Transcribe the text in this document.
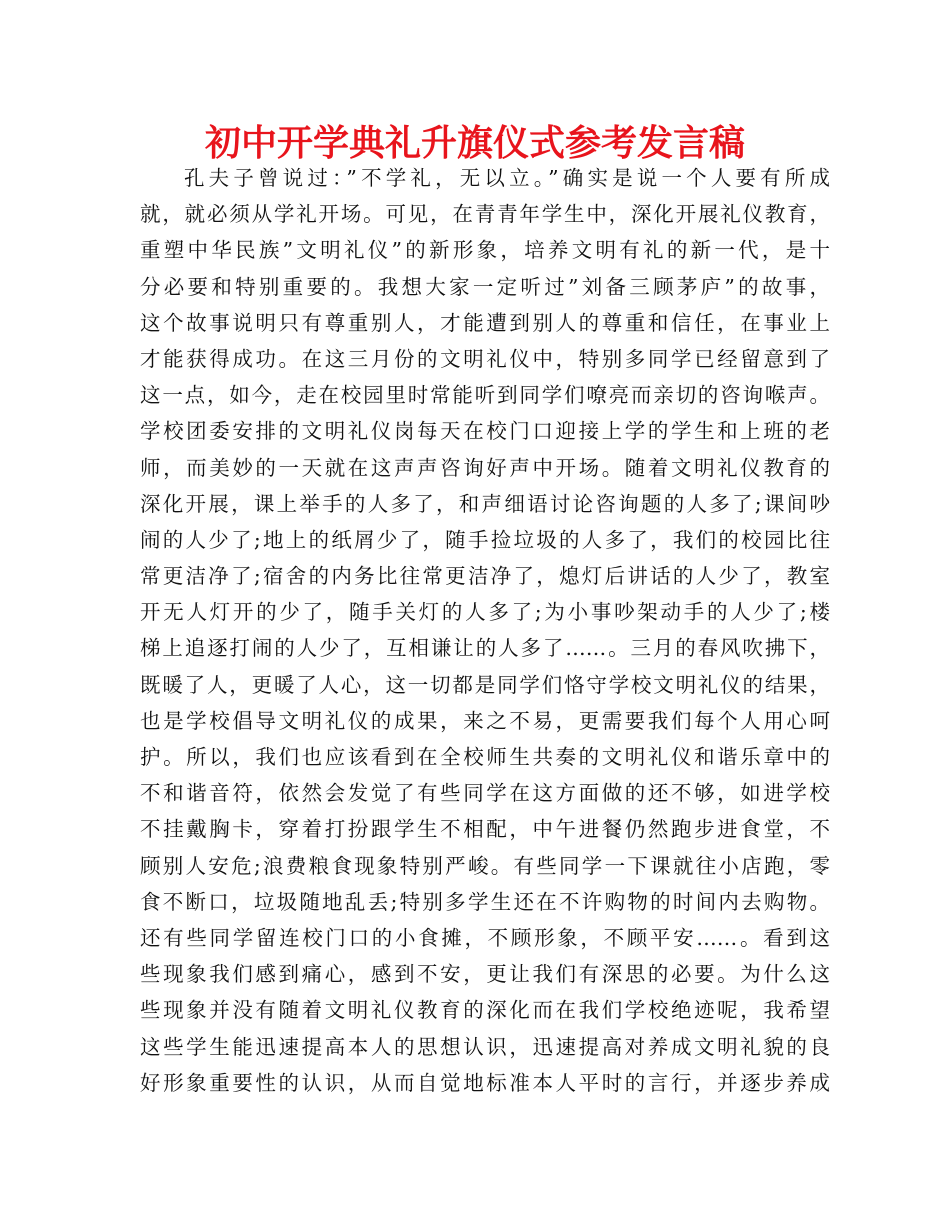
初中开学典礼升旗仪式参考发言稿
孔夫子曾说过：”不学礼，无以立。”确实是说一个人要有所成
就，就必须从学礼开场。可见，在青青年学生中，深化开展礼仪教育，
重塑中华民族”文明礼仪”的新形象，培养文明有礼的新一代，是十
分必要和特别重要的。我想大家一定听过”刘备三顾茅庐”的故事，
这个故事说明只有尊重别人，才能遭到别人的尊重和信任，在事业上
才能获得成功。在这三月份的文明礼仪中，特别多同学已经留意到了
这一点，如今，走在校园里时常能听到同学们嘹亮而亲切的咨询喉声。
学校团委安排的文明礼仪岗每天在校门口迎接上学的学生和上班的老
师，而美妙的一天就在这声声咨询好声中开场。随着文明礼仪教育的
深化开展，课上举手的人多了，和声细语讨论咨询题的人多了;课间吵
闹的人少了;地上的纸屑少了，随手捡垃圾的人多了，我们的校园比往
常更洁净了;宿舍的内务比往常更洁净了，熄灯后讲话的人少了，教室
开无人灯开的少了，随手关灯的人多了;为小事吵架动手的人少了;楼
梯上追逐打闹的人少了，互相谦让的人多了……。三月的春风吹拂下，
既暖了人，更暖了人心，这一切都是同学们恪守学校文明礼仪的结果，
也是学校倡导文明礼仪的成果，来之不易，更需要我们每个人用心呵
护。所以，我们也应该看到在全校师生共奏的文明礼仪和谐乐章中的
不和谐音符，依然会发觉了有些同学在这方面做的还不够，如进学校
不挂戴胸卡，穿着打扮跟学生不相配，中午进餐仍然跑步进食堂，不
顾别人安危;浪费粮食现象特别严峻。有些同学一下课就往小店跑，零
食不断口，垃圾随地乱丢;特别多学生还在不许购物的时间内去购物。
还有些同学留连校门口的小食摊，不顾形象，不顾平安……。看到这
些现象我们感到痛心，感到不安，更让我们有深思的必要。为什么这
些现象并没有随着文明礼仪教育的深化而在我们学校绝迹呢，我希望
这些学生能迅速提高本人的思想认识，迅速提高对养成文明礼貌的良
好形象重要性的认识，从而自觉地标准本人平时的言行，并逐步养成
